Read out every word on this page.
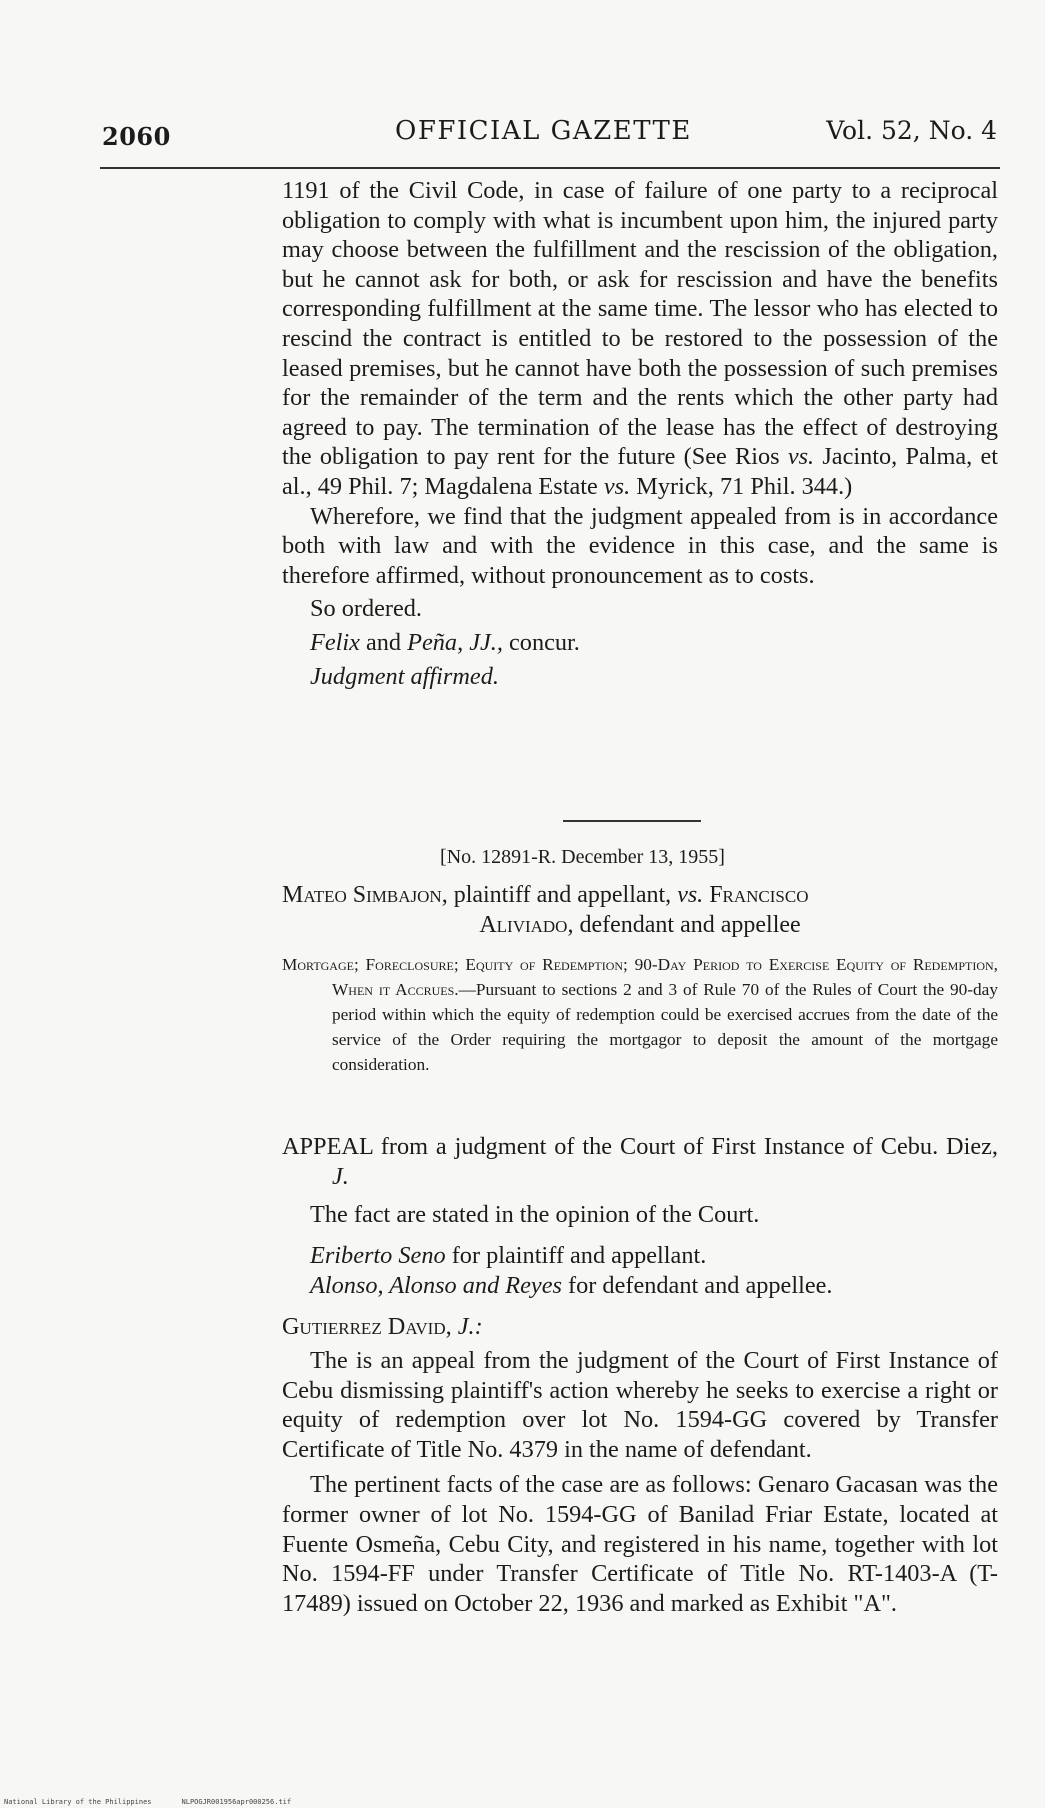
2060	OFFICIAL GAZETTE	Vol. 52, No. 4

1191 of the Civil Code, in case of failure of one party to a reciprocal obligation to comply with what is incumbent upon him, the injured party may choose between the fulfillment and the rescission of the obligation, but he cannot ask for both, or ask for rescission and have the benefits corresponding fulfillment at the same time. The lessor who has elected to rescind the contract is entitled to be restored to the possession of the leased premises, but he cannot have both the possession of such premises for the remainder of the term and the rents which the other party had agreed to pay. The termination of the lease has the effect of destroying the obligation to pay rent for the future (See Rios vs. Jacinto, Palma, et al., 49 Phil. 7; Magdalena Estate vs. Myrick, 71 Phil. 344.)

Wherefore, we find that the judgment appealed from is in accordance both with law and with the evidence in this case, and the same is therefore affirmed, without pronouncement as to costs.

So ordered.

Felix and Peña, JJ., concur.

Judgment affirmed.

[No. 12891-R. December 13, 1955]
Mateo Simbajon, plaintiff and appellant, vs. Francisco
Aliviado, defendant and appellee

Mortgage; Foreclosure; Equity of Redemption; 90-Day Period to Exercise Equity of Redemption, When it Accrues.—Pursuant to sections 2 and 3 of Rule 70 of the Rules of Court the 90-day period within which the equity of redemption could be exercised accrues from the date of the service of the Order requiring the mortgagor to deposit the amount of the mortgage consideration.

APPEAL from a judgment of the Court of First Instance of Cebu. Diez, J.
The fact are stated in the opinion of the Court.
Eriberto Seno for plaintiff and appellant.
Alonso, Alonso and Reyes for defendant and appellee.
Gutierrez David, J.:

The is an appeal from the judgment of the Court of First Instance of Cebu dismissing plaintiff's action whereby he seeks to exercise a right or equity of redemption over lot No. 1594-GG covered by Transfer Certificate of Title No. 4379 in the name of defendant.

The pertinent facts of the case are as follows: Genaro Gacasan was the former owner of lot No. 1594-GG of Banilad Friar Estate, located at Fuente Osmeña, Cebu City, and registered in his name, together with lot No. 1594-FF under Transfer Certificate of Title No. RT-1403-A (T-17489) issued on October 22, 1936 and marked as Exhibit "A".

National Library of the Philippines	NLPOGJR001956apr000256.tif
